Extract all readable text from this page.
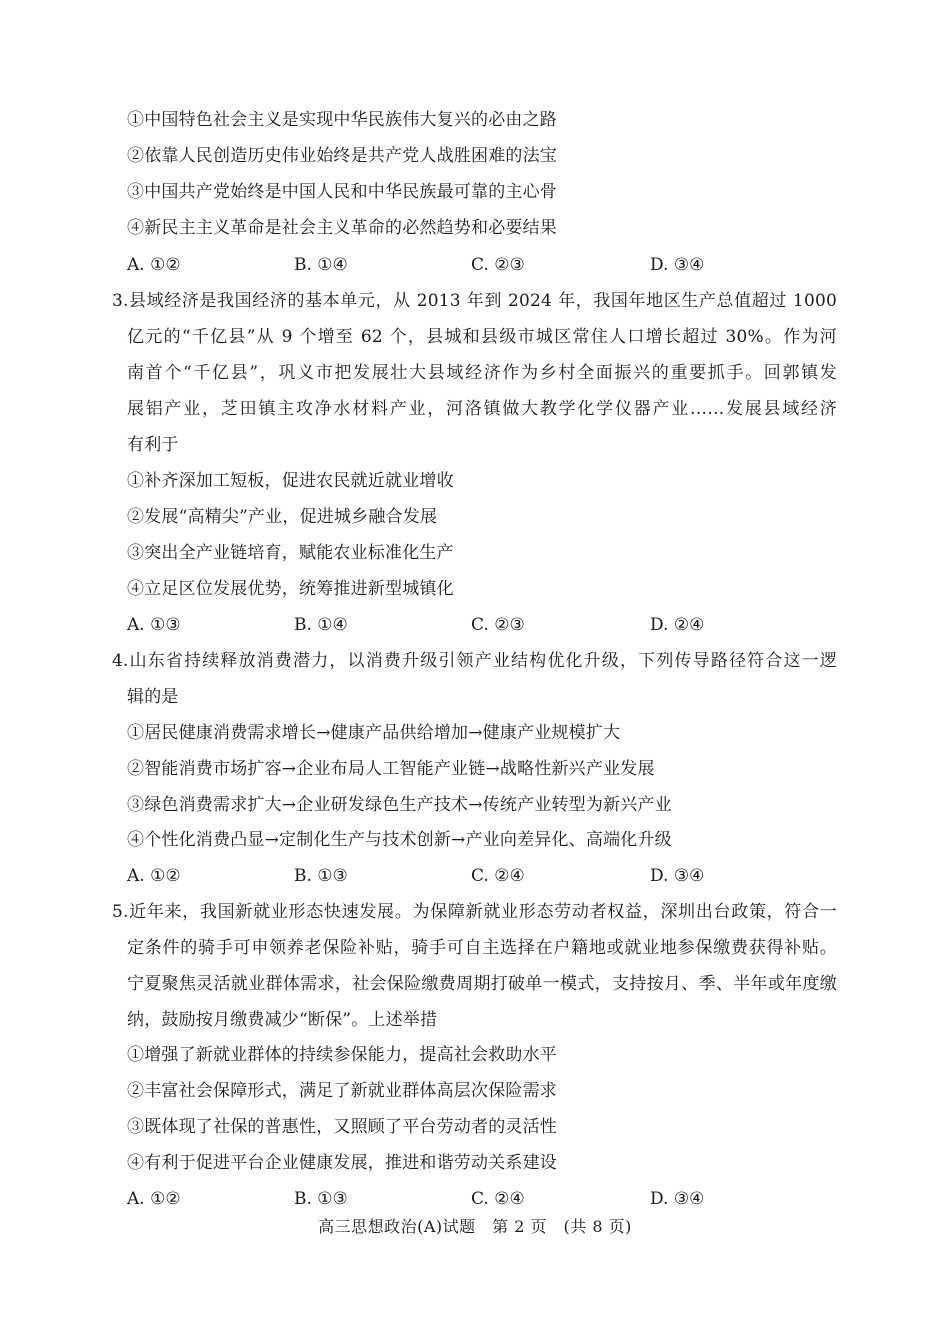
①中国特色社会主义是实现中华民族伟大复兴的必由之路
②依靠人民创造历史伟业始终是共产党人战胜困难的法宝
③中国共产党始终是中国人民和中华民族最可靠的主心骨
④新民主主义革命是社会主义革命的必然趋势和必要结果
A. ①②	B. ①④	C. ②③	D. ③④
3.县域经济是我国经济的基本单元，从 2013 年到 2024 年，我国年地区生产总值超过 1000
亿元的“千亿县”从 9 个增至 62 个，县城和县级市城区常住人口增长超过 30%。作为河
南首个“千亿县”，巩义市把发展壮大县域经济作为乡村全面振兴的重要抓手。回郭镇发
展铝产业，芝田镇主攻净水材料产业，河洛镇做大教学化学仪器产业……发展县域经济
有利于
①补齐深加工短板，促进农民就近就业增收
②发展“高精尖”产业，促进城乡融合发展
③突出全产业链培育，赋能农业标准化生产
④立足区位发展优势，统筹推进新型城镇化
A. ①③	B. ①④	C. ②③	D. ②④
4.山东省持续释放消费潜力，以消费升级引领产业结构优化升级，下列传导路径符合这一逻
辑的是
①居民健康消费需求增长→健康产品供给增加→健康产业规模扩大
②智能消费市场扩容→企业布局人工智能产业链→战略性新兴产业发展
③绿色消费需求扩大→企业研发绿色生产技术→传统产业转型为新兴产业
④个性化消费凸显→定制化生产与技术创新→产业向差异化、高端化升级
A. ①②	B. ①③	C. ②④	D. ③④
5.近年来，我国新就业形态快速发展。为保障新就业形态劳动者权益，深圳出台政策，符合一
定条件的骑手可申领养老保险补贴，骑手可自主选择在户籍地或就业地参保缴费获得补贴。
宁夏聚焦灵活就业群体需求，社会保险缴费周期打破单一模式，支持按月、季、半年或年度缴
纳，鼓励按月缴费减少“断保”。上述举措
①增强了新就业群体的持续参保能力，提高社会救助水平
②丰富社会保障形式，满足了新就业群体高层次保险需求
③既体现了社保的普惠性，又照顾了平台劳动者的灵活性
④有利于促进平台企业健康发展，推进和谐劳动关系建设
A. ①②	B. ①③	C. ②④	D. ③④
高三思想政治(A)试题　第 2 页　(共 8 页)
